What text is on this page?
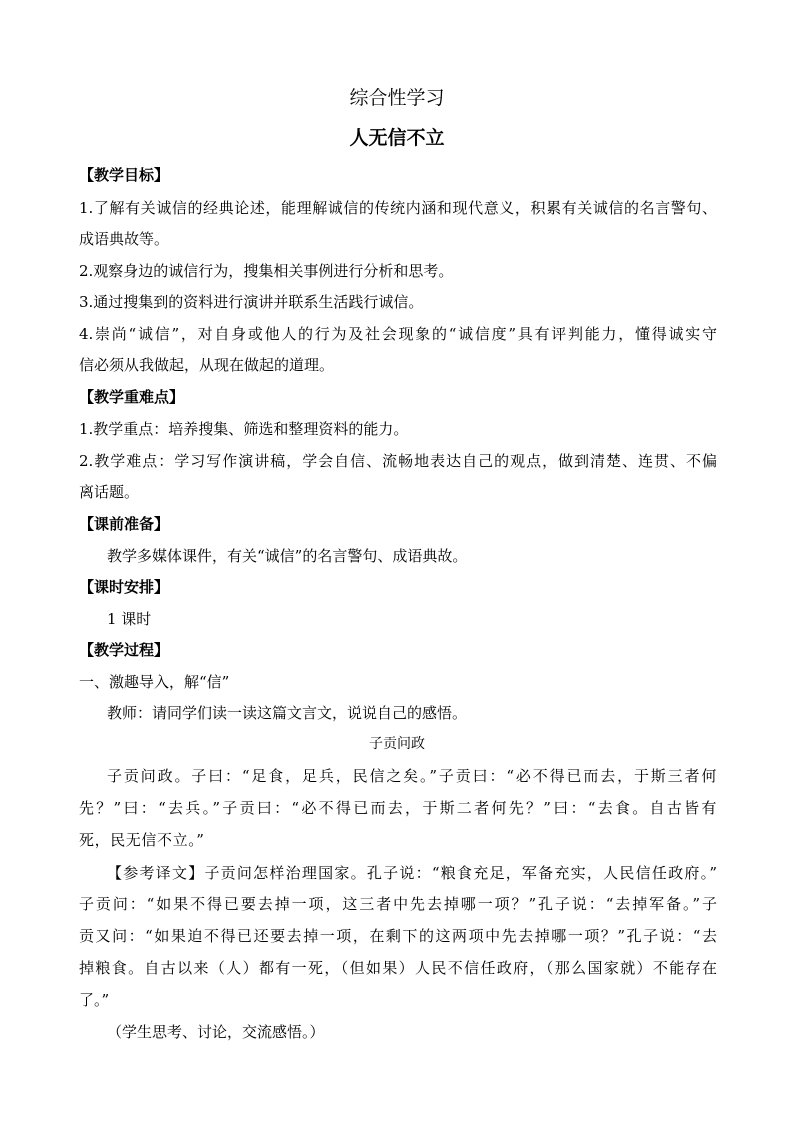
综合性学习
人无信不立
【教学目标】
1.了解有关诚信的经典论述，能理解诚信的传统内涵和现代意义，积累有关诚信的名言警句、
成语典故等。
2.观察身边的诚信行为，搜集相关事例进行分析和思考。
3.通过搜集到的资料进行演讲并联系生活践行诚信。
4.崇尚“诚信”，对自身或他人的行为及社会现象的“诚信度”具有评判能力，懂得诚实守
信必须从我做起，从现在做起的道理。
【教学重难点】
1.教学重点：培养搜集、筛选和整理资料的能力。
2.教学难点：学习写作演讲稿，学会自信、流畅地表达自己的观点，做到清楚、连贯、不偏
离话题。
【课前准备】
教学多媒体课件，有关“诚信”的名言警句、成语典故。
【课时安排】
1 课时
【教学过程】
一、激趣导入，解“信”
教师：请同学们读一读这篇文言文，说说自己的感悟。
子贡问政
子贡问政。子曰：“足食，足兵，民信之矣。”子贡曰：“必不得已而去，于斯三者何
先？”曰：“去兵。”子贡曰：“必不得已而去，于斯二者何先？”曰：“去食。自古皆有
死，民无信不立。”
【参考译文】子贡问怎样治理国家。孔子说：“粮食充足，军备充实，人民信任政府。”
子贡问：“如果不得已要去掉一项，这三者中先去掉哪一项？”孔子说：“去掉军备。”子
贡又问：“如果迫不得已还要去掉一项，在剩下的这两项中先去掉哪一项？”孔子说：“去
掉粮食。自古以来（人）都有一死，（但如果）人民不信任政府，（那么国家就）不能存在
了。”
（学生思考、讨论，交流感悟。）
